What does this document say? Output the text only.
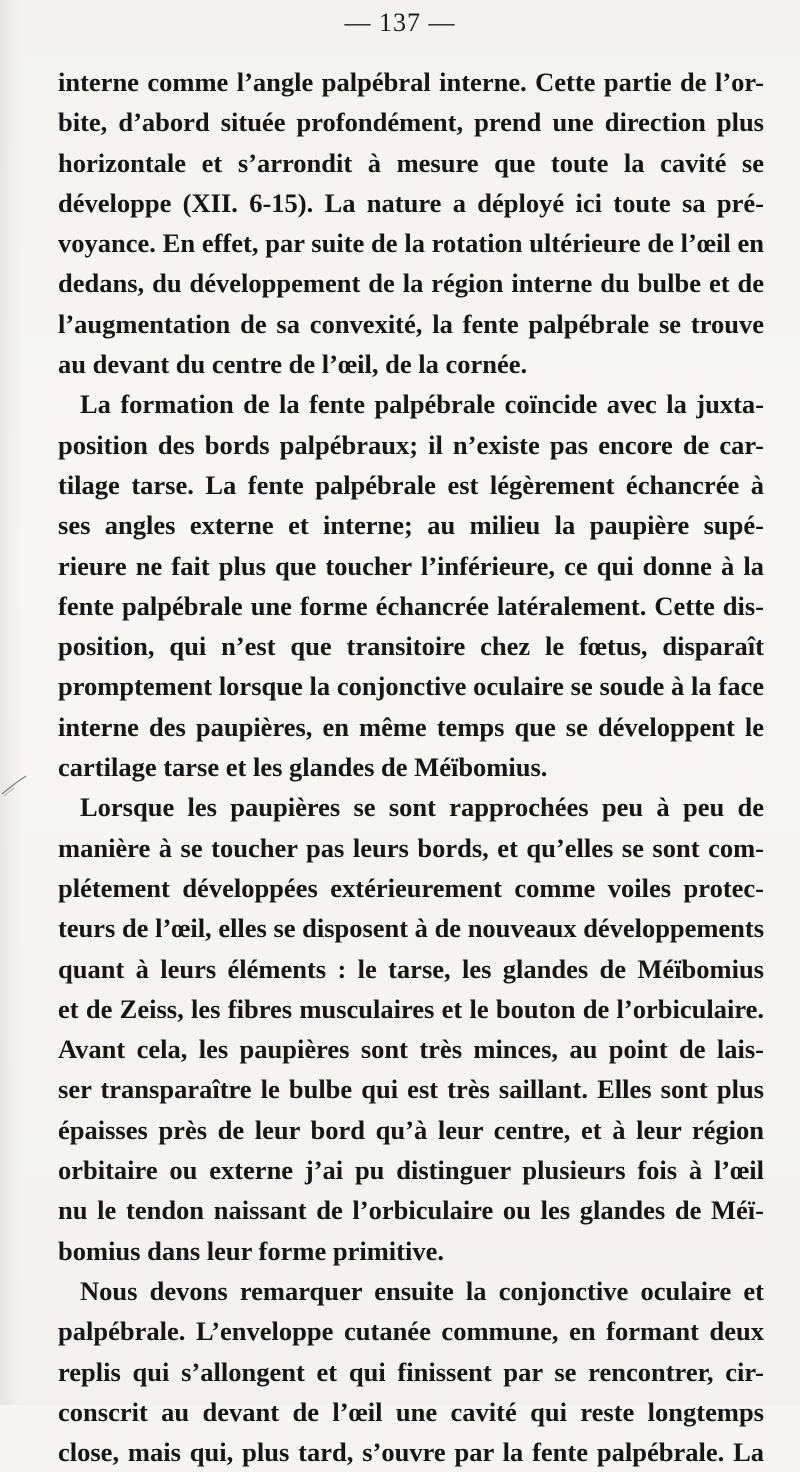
— 137 —
interne comme l’angle palpébral interne. Cette partie de l’or-
bite, d’abord située profondément, prend une direction plus
horizontale et s’arrondit à mesure que toute la cavité se
développe (XII. 6-15). La nature a déployé ici toute sa pré-
voyance. En effet, par suite de la rotation ultérieure de l’œil en
dedans, du développement de la région interne du bulbe et de
l’augmentation de sa convexité, la fente palpébrale se trouve
au devant du centre de l’œil, de la cornée.
La formation de la fente palpébrale coïncide avec la juxta-
position des bords palpébraux; il n’existe pas encore de car-
tilage tarse. La fente palpébrale est légèrement échancrée à
ses angles externe et interne; au milieu la paupière supé-
rieure ne fait plus que toucher l’inférieure, ce qui donne à la
fente palpébrale une forme échancrée latéralement. Cette dis-
position, qui n’est que transitoire chez le fœtus, disparaît
promptement lorsque la conjonctive oculaire se soude à la face
interne des paupières, en même temps que se développent le
cartilage tarse et les glandes de Méïbomius.
Lorsque les paupières se sont rapprochées peu à peu de
manière à se toucher pas leurs bords, et qu’elles se sont com-
plétement développées extérieurement comme voiles protec-
teurs de l’œil, elles se disposent à de nouveaux développements
quant à leurs éléments : le tarse, les glandes de Méïbomius
et de Zeiss, les fibres musculaires et le bouton de l’orbiculaire.
Avant cela, les paupières sont très minces, au point de lais-
ser transparaître le bulbe qui est très saillant. Elles sont plus
épaisses près de leur bord qu’à leur centre, et à leur région
orbitaire ou externe j’ai pu distinguer plusieurs fois à l’œil
nu le tendon naissant de l’orbiculaire ou les glandes de Méï-
bomius dans leur forme primitive.
Nous devons remarquer ensuite la conjonctive oculaire et
palpébrale. L’enveloppe cutanée commune, en formant deux
replis qui s’allongent et qui finissent par se rencontrer, cir-
conscrit au devant de l’œil une cavité qui reste longtemps
close, mais qui, plus tard, s’ouvre par la fente palpébrale. La
